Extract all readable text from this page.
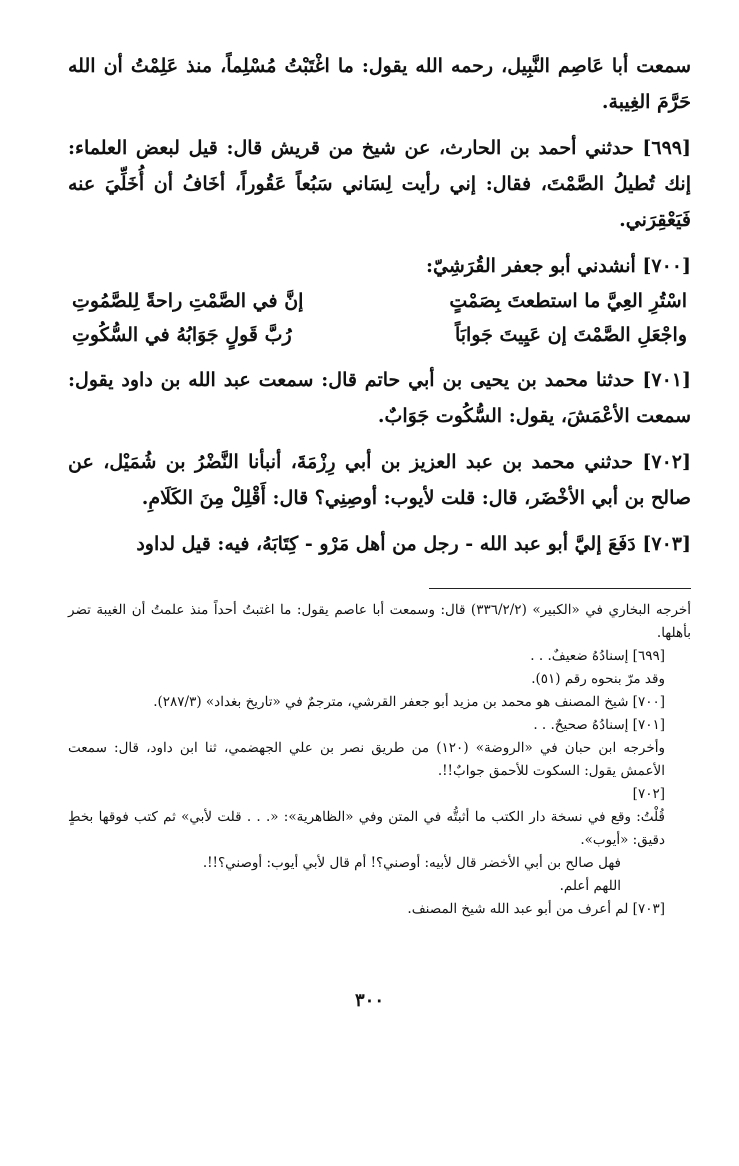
سمعت أبا عَاصِم النَّبِيل، رحمه الله يقول: ما اغْتَبْتُ مُسْلِماً، منذ عَلِمْتُ أن الله حَرَّمَ الغِيبة.

[٦٩٩] حدثني أحمد بن الحارث، عن شيخ من قريش قال: قيل لبعض العلماء: إنك تُطيلُ الصَّمْتَ، فقال: إني رأيت لِسَاني سَبُعاً عَقُوراً، أخَافُ أن أُخَلِّيَ عنه فَيَعْقِرَني.

[٧٠٠] أنشدني أبو جعفر القُرَشِيّ:

اسْتُرِ العِيَّ ما استطعتَ بِصَمْتٍ
إنَّ في الصَّمْتِ راحةً لِلصَّمُوتِ
واجْعَلِ الصَّمْتَ إن عَيِيتَ جَوابَاً
رُبَّ قَولٍ جَوَابُهُ في السُّكُوتِ

[٧٠١] حدثنا محمد بن يحيى بن أبي حاتم قال: سمعت عبد الله بن داود يقول: سمعت الأعْمَشَ، يقول: السُّكُوت جَوَابٌ.

[٧٠٢] حدثني محمد بن عبد العزيز بن أبي رِزْمَةَ، أنبأنا النَّضْرُ بن شُمَيْل، عن صالح بن أبي الأخْضَر، قال: قلت لأيوب: أوصِنِي؟ قال: أَقْلِلْ مِنَ الكَلَامِ.

[٧٠٣] دَفَعَ إليَّ أبو عبد الله - رجل من أهل مَرْو - كِتَابَهُ، فيه: قيل لداود

أخرجه البخاري في «الكبير» (٣٣٦/٢/٢) قال: وسمعت أبا عاصم يقول: ما اغتبتُ أحداً منذ علمتُ أن الغيبة تضر بأهلها.

[٦٩٩] إسنادُهُ ضعيفٌ. . .

وقد مرّ بنحوه رقم (٥١).

[٧٠٠] شيخ المصنف هو محمد بن مزيد أبو جعفر القرشي، مترجمٌ في «تاريخ بغداد» (٢٨٧/٣).

[٧٠١] إسنادُهُ صحيحٌ. . .

وأخرجه ابن حبان في «الروضة» (١٢٠) من طريق نصر بن علي الجهضمي، ثنا ابن داود، قال: سمعت الأعمش يقول: السكوت للأحمق جوابٌ!!.

[٧٠٢]

قُلْتُ: وقع في نسخة دار الكتب ما أثبتُّه في المتن وفي «الظاهرية»: «. . . قلت لأبي» ثم كتب فوقها بخطٍ دقيق: «أيوب».

فهل صالح بن أبي الأخضر قال لأبيه: أوصني؟! أم قال لأبي أيوب: أوصني؟!!.

اللهم أعلم.

[٧٠٣] لم أعرف من أبو عبد الله شيخ المصنف.

٣٠٠
